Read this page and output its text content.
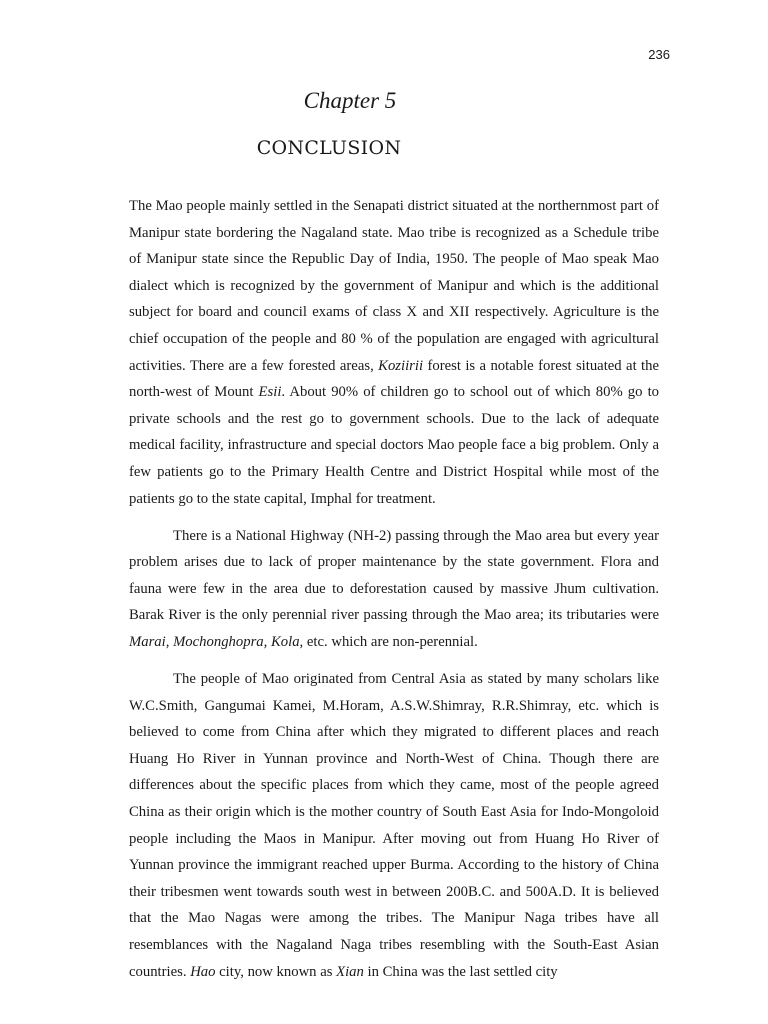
236
Chapter 5
CONCLUSION

The Mao people mainly settled in the Senapati district situated at the northernmost part of Manipur state bordering the Nagaland state. Mao tribe is recognized as a Schedule tribe of Manipur state since the Republic Day of India, 1950. The people of Mao speak Mao dialect which is recognized by the government of Manipur and which is the additional subject for board and council exams of class X and XII respectively. Agriculture is the chief occupation of the people and 80 % of the population are engaged with agricultural activities. There are a few forested areas, Koziirii forest is a notable forest situated at the north-west of Mount Esii. About 90% of children go to school out of which 80% go to private schools and the rest go to government schools. Due to the lack of adequate medical facility, infrastructure and special doctors Mao people face a big problem. Only a few patients go to the Primary Health Centre and District Hospital while most of the patients go to the state capital, Imphal for treatment.

There is a National Highway (NH-2) passing through the Mao area but every year problem arises due to lack of proper maintenance by the state government. Flora and fauna were few in the area due to deforestation caused by massive Jhum cultivation. Barak River is the only perennial river passing through the Mao area; its tributaries were Marai, Mochonghopra, Kola, etc. which are non-perennial.

The people of Mao originated from Central Asia as stated by many scholars like W.C.Smith, Gangumai Kamei, M.Horam, A.S.W.Shimray, R.R.Shimray, etc. which is believed to come from China after which they migrated to different places and reach Huang Ho River in Yunnan province and North-West of China. Though there are differences about the specific places from which they came, most of the people agreed China as their origin which is the mother country of South East Asia for Indo-Mongoloid people including the Maos in Manipur. After moving out from Huang Ho River of Yunnan province the immigrant reached upper Burma. According to the history of China their tribesmen went towards south west in between 200B.C. and 500A.D. It is believed that the Mao Nagas were among the tribes. The Manipur Naga tribes have all resemblances with the Nagaland Naga tribes resembling with the South-East Asian countries. Hao city, now known as Xian in China was the last settled city
